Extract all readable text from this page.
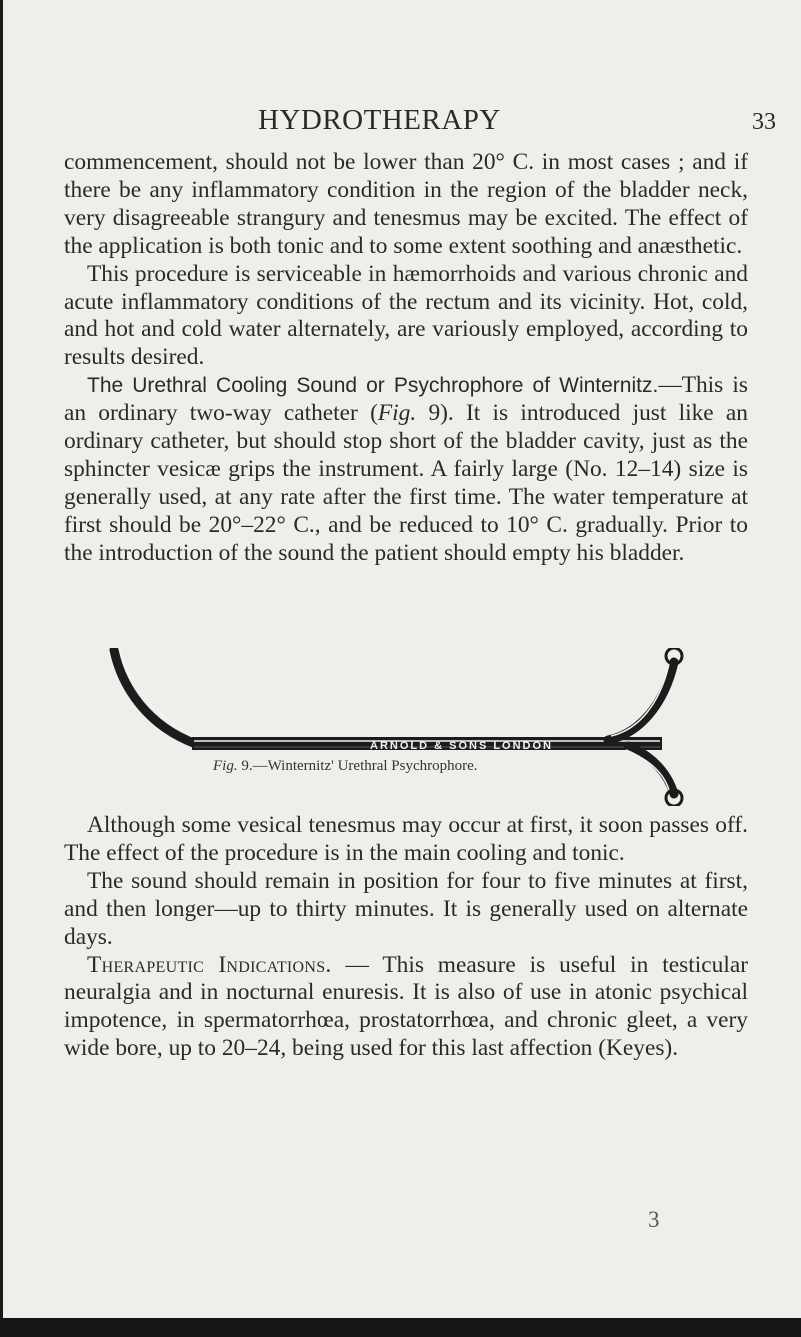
HYDROTHERAPY	33

commencement, should not be lower than 20° C. in most cases ; and if there be any inflammatory condition in the region of the bladder neck, very disagreeable strangury and tenesmus may be excited. The effect of the application is both tonic and to some extent soothing and anæsthetic.

This procedure is serviceable in hæmorrhoids and various chronic and acute inflammatory conditions of the rectum and its vicinity. Hot, cold, and hot and cold water alternately, are variously employed, according to results desired.

The Urethral Cooling Sound or Psychrophore of Winternitz.—This is an ordinary two-way catheter (Fig. 9). It is introduced just like an ordinary catheter, but should stop short of the bladder cavity, just as the sphincter vesicæ grips the instrument. A fairly large (No. 12–14) size is generally used, at any rate after the first time. The water temperature at first should be 20°–22° C., and be reduced to 10° C. gradually. Prior to the introduction of the sound the patient should empty his bladder.

ARNOLD & SONS LONDON
Fig. 9.—Winternitz' Urethral Psychrophore.

Although some vesical tenesmus may occur at first, it soon passes off. The effect of the procedure is in the main cooling and tonic.

The sound should remain in position for four to five minutes at first, and then longer—up to thirty minutes. It is generally used on alternate days.

Therapeutic Indications. — This measure is useful in testicular neuralgia and in nocturnal enuresis. It is also of use in atonic psychical impotence, in spermatorrhœa, prostatorrhœa, and chronic gleet, a very wide bore, up to 20–24, being used for this last affection (Keyes).

3
